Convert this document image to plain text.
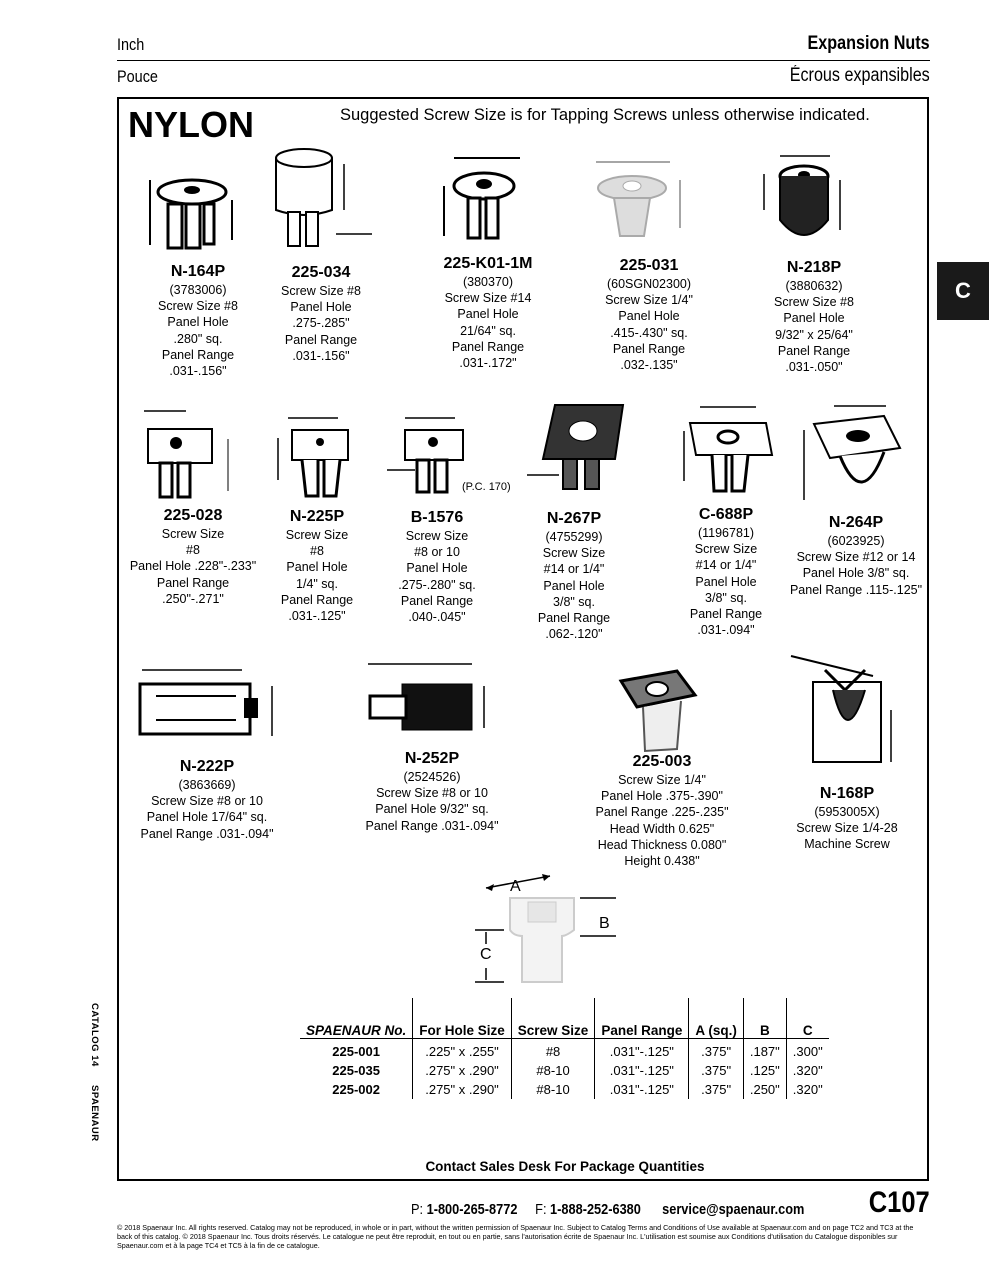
Inch	Expansion Nuts
Pouce	Écrous expansibles
C
NYLON	Suggested Screw Size is for Tapping Screws unless otherwise indicated.
(P.C. 170)
N-164P
(3783006)
Screw Size #8
Panel Hole
.280" sq.
Panel Range
.031-.156"
225-034
Screw Size #8
Panel Hole
.275-.285"
Panel Range
.031-.156"
225-K01-1M
(380370)
Screw Size #14
Panel Hole
21/64" sq.
Panel Range
.031-.172"
225-031
(60SGN02300)
Screw Size 1/4"
Panel Hole
.415-.430" sq.
Panel Range
.032-.135"
N-218P
(3880632)
Screw Size #8
Panel Hole
9/32" x 25/64"
Panel Range
.031-.050"
225-028
Screw Size
#8
Panel Hole .228"-.233"
Panel Range
.250"-.271"
N-225P
Screw Size
#8
Panel Hole
1/4" sq.
Panel Range
.031-.125"
B-1576
Screw Size
#8 or 10
Panel Hole
.275-.280" sq.
Panel Range
.040-.045"
N-267P
(4755299)
Screw Size
#14 or 1/4"
Panel Hole
3/8" sq.
Panel Range
.062-.120"
C-688P
(1196781)
Screw Size
#14 or 1/4"
Panel Hole
3/8" sq.
Panel Range
.031-.094"
N-264P
(6023925)
Screw Size #12 or 14
Panel Hole 3/8" sq.
Panel Range .115-.125"
N-222P
(3863669)
Screw Size #8 or 10
Panel Hole 17/64" sq.
Panel Range .031-.094"
N-252P
(2524526)
Screw Size #8 or 10
Panel Hole 9/32" sq.
Panel Range .031-.094"
225-003
Screw Size 1/4"
Panel Hole .375-.390"
Panel Range .225-.235"
Head Width 0.625"
Head Thickness 0.080"
Height 0.438"
N-168P
(5953005X)
Screw Size 1/4-28
Machine Screw
A
B
C
SPAENAUR No.	For Hole Size	Screw Size	Panel Range	A (sq.)	B	C
225-001	.225" x .255"	#8	.031"-.125"	.375"	.187"	.300"
225-035	.275" x .290"	#8-10	.031"-.125"	.375"	.125"	.320"
225-002	.275" x .290"	#8-10	.031"-.125"	.375"	.250"	.320"
Contact Sales Desk For Package Quantities
CATALOG 14
SPAENAUR
P: 1-800-265-8772 F: 1-888-252-6380 service@spaenaur.com C107
© 2018 Spaenaur Inc. All rights reserved. Catalog may not be reproduced, in whole or in part, without the written permission of Spaenaur Inc. Subject to Catalog Terms and Conditions of Use available at Spaenaur.com and on page TC2 and TC3 at the back of this catalog. © 2018 Spaenaur Inc. Tous droits réservés. Le catalogue ne peut être reproduit, en tout ou en partie, sans l'autorisation écrite de Spaenaur Inc. L'utilisation est soumise aux Conditions d'utilisation du Catalogue disponibles sur Spaenaur.com et à la page TC4 et TC5 à la fin de ce catalogue.
